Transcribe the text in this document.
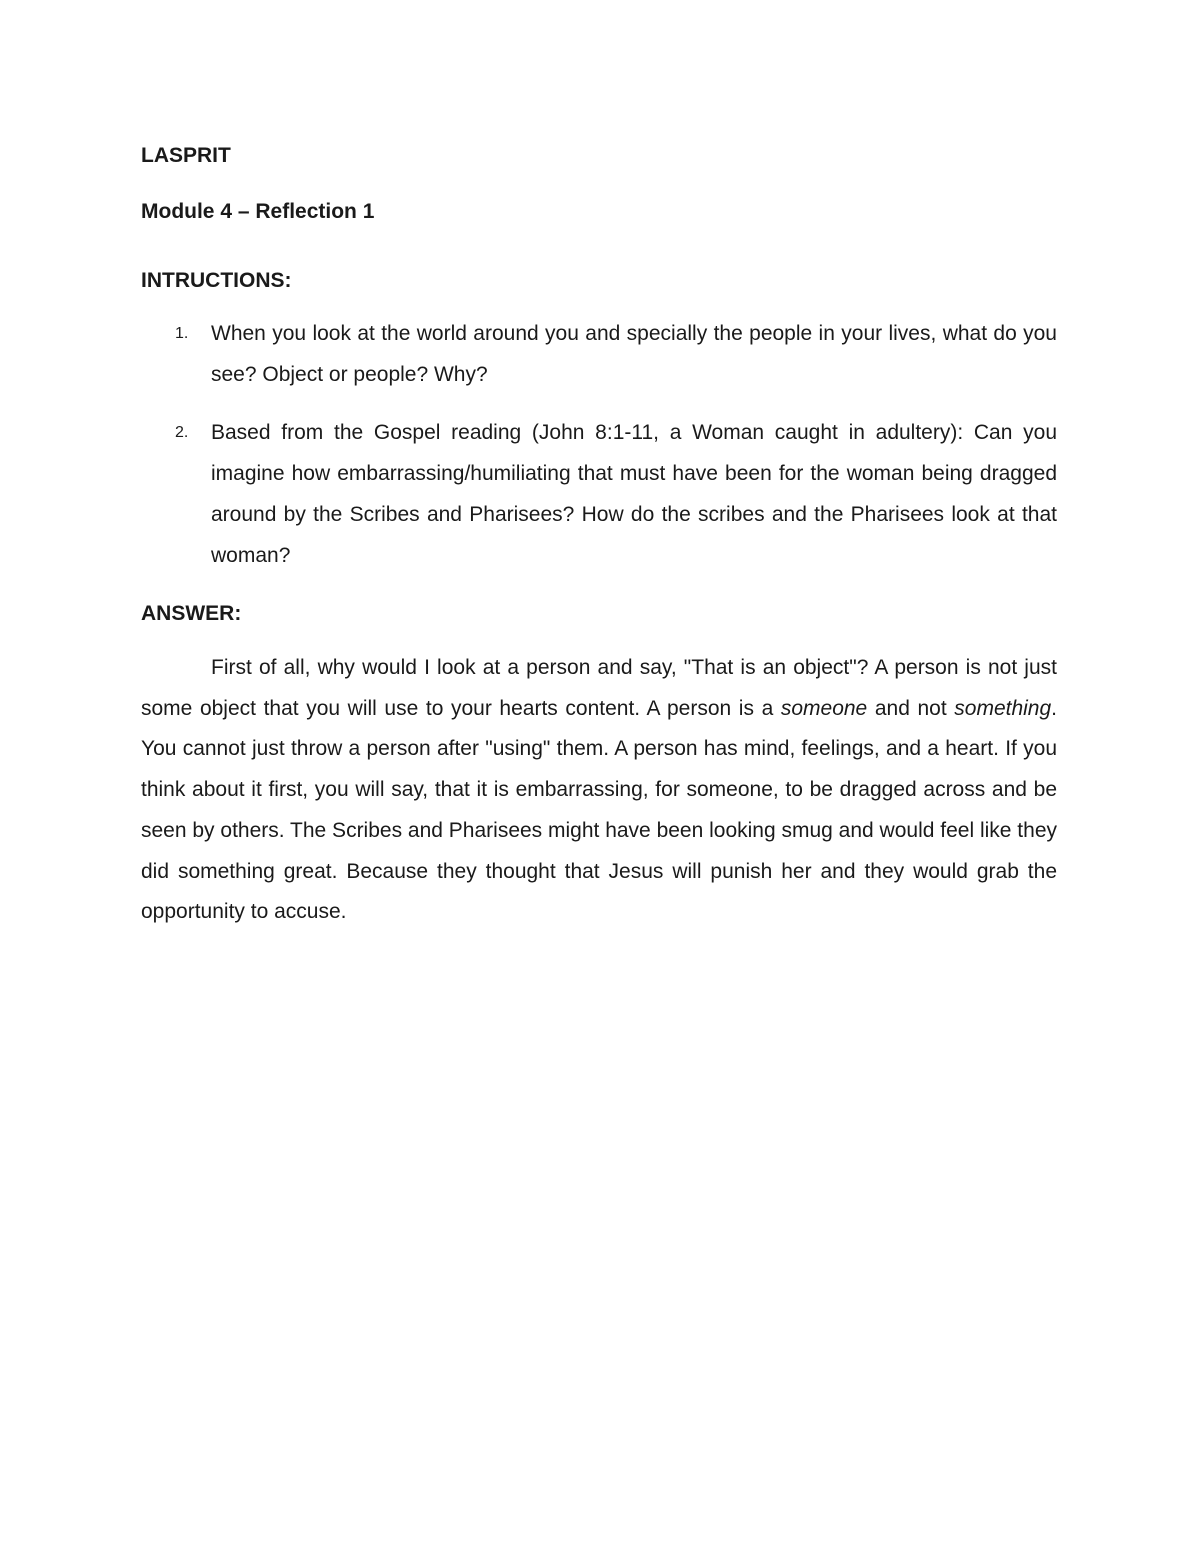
LASPRIT
Module 4 – Reflection 1
INTRUCTIONS:
1. When you look at the world around you and specially the people in your lives, what do you see? Object or people? Why?
2. Based from the Gospel reading (John 8:1-11, a Woman caught in adultery): Can you imagine how embarrassing/humiliating that must have been for the woman being dragged around by the Scribes and Pharisees? How do the scribes and the Pharisees look at that woman?
ANSWER:

First of all, why would I look at a person and say, "That is an object"? A person is not just some object that you will use to your hearts content. A person is a someone and not something. You cannot just throw a person after "using" them. A person has mind, feelings, and a heart. If you think about it first, you will say, that it is embarrassing, for someone, to be dragged across and be seen by others. The Scribes and Pharisees might have been looking smug and would feel like they did something great. Because they thought that Jesus will punish her and they would grab the opportunity to accuse.
